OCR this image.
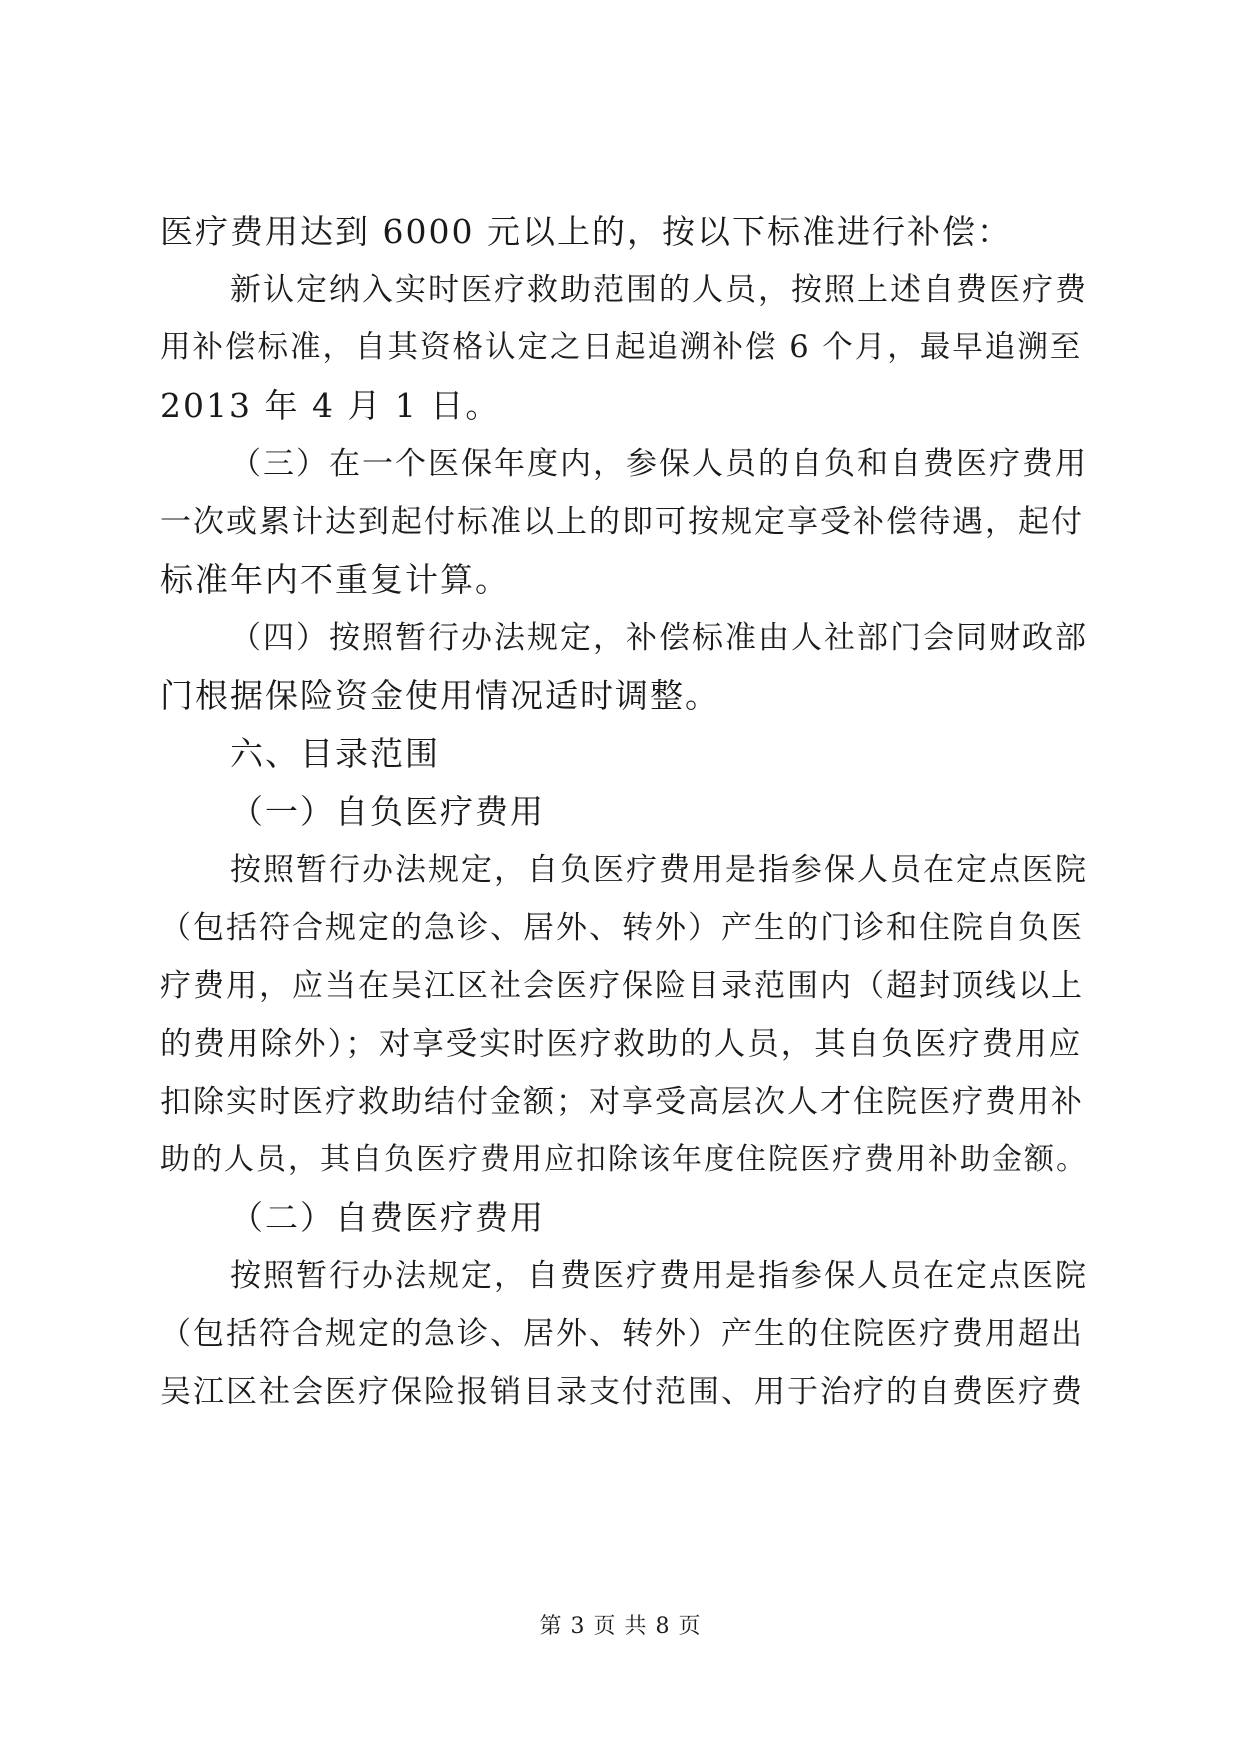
医疗费用达到 6000 元以上的，按以下标准进行补偿：
新认定纳入实时医疗救助范围的人员，按照上述自费医疗费
用补偿标准，自其资格认定之日起追溯补偿 6 个月，最早追溯至
2013 年 4 月 1 日。
（三）在一个医保年度内，参保人员的自负和自费医疗费用
一次或累计达到起付标准以上的即可按规定享受补偿待遇，起付
标准年内不重复计算。
（四）按照暂行办法规定，补偿标准由人社部门会同财政部
门根据保险资金使用情况适时调整。
六、目录范围
（一）自负医疗费用
按照暂行办法规定，自负医疗费用是指参保人员在定点医院
（包括符合规定的急诊、居外、转外）产生的门诊和住院自负医
疗费用，应当在吴江区社会医疗保险目录范围内（超封顶线以上
的费用除外）；对享受实时医疗救助的人员，其自负医疗费用应
扣除实时医疗救助结付金额；对享受高层次人才住院医疗费用补
助的人员，其自负医疗费用应扣除该年度住院医疗费用补助金额。
（二）自费医疗费用
按照暂行办法规定，自费医疗费用是指参保人员在定点医院
（包括符合规定的急诊、居外、转外）产生的住院医疗费用超出
吴江区社会医疗保险报销目录支付范围、用于治疗的自费医疗费
第 3 页 共 8 页
